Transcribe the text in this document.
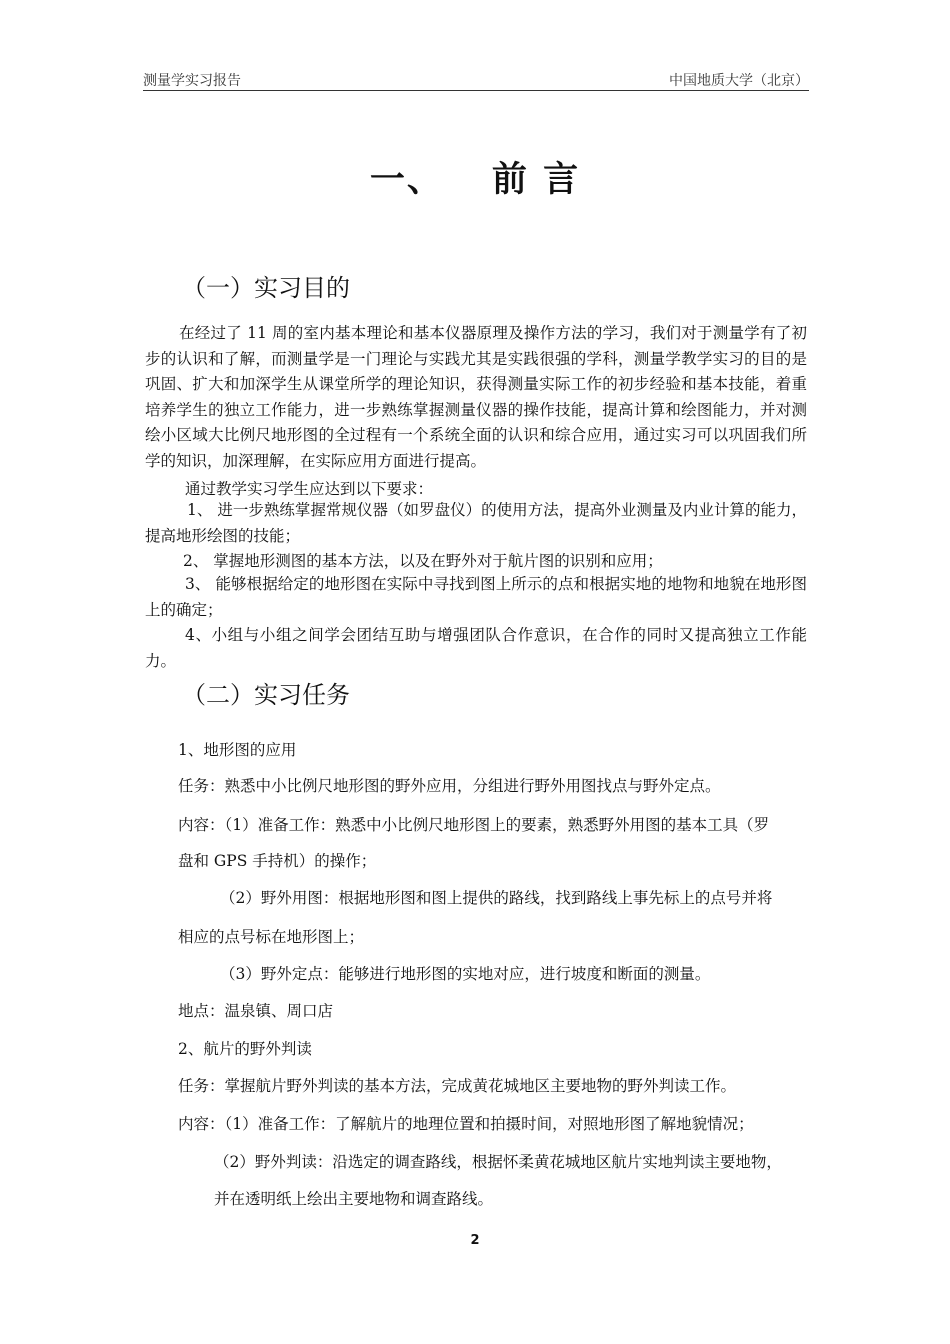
测量学实习报告	中国地质大学（北京）
一、 前 言
（一）实习目的
在经过了 11 周的室内基本理论和基本仪器原理及操作方法的学习，我们对于测量学有了初步的认识和了解，而测量学是一门理论与实践尤其是实践很强的学科，测量学教学实习的目的是巩固、扩大和加深学生从课堂所学的理论知识，获得测量实际工作的初步经验和基本技能，着重培养学生的独立工作能力，进一步熟练掌握测量仪器的操作技能，提高计算和绘图能力，并对测绘小区域大比例尺地形图的全过程有一个系统全面的认识和综合应用，通过实习可以巩固我们所学的知识，加深理解，在实际应用方面进行提高。
通过教学实习学生应达到以下要求：
1、 进一步熟练掌握常规仪器（如罗盘仪）的使用方法，提高外业测量及内业计算的能力，提高地形绘图的技能；
2、 掌握地形测图的基本方法，以及在野外对于航片图的识别和应用；
3、 能够根据给定的地形图在实际中寻找到图上所示的点和根据实地的地物和地貌在地形图上的确定；
4、小组与小组之间学会团结互助与增强团队合作意识，在合作的同时又提高独立工作能力。
（二）实习任务
1、地形图的应用
任务：熟悉中小比例尺地形图的野外应用，分组进行野外用图找点与野外定点。
内容：（1）准备工作：熟悉中小比例尺地形图上的要素，熟悉野外用图的基本工具（罗
盘和 GPS 手持机）的操作；
（2）野外用图：根据地形图和图上提供的路线，找到路线上事先标上的点号并将
相应的点号标在地形图上；
（3）野外定点：能够进行地形图的实地对应，进行坡度和断面的测量。
地点：温泉镇、周口店
2、航片的野外判读
任务：掌握航片野外判读的基本方法，完成黄花城地区主要地物的野外判读工作。
内容：（1）准备工作：了解航片的地理位置和拍摄时间，对照地形图了解地貌情况；
（2）野外判读：沿选定的调查路线，根据怀柔黄花城地区航片实地判读主要地物，
并在透明纸上绘出主要地物和调查路线。
2
